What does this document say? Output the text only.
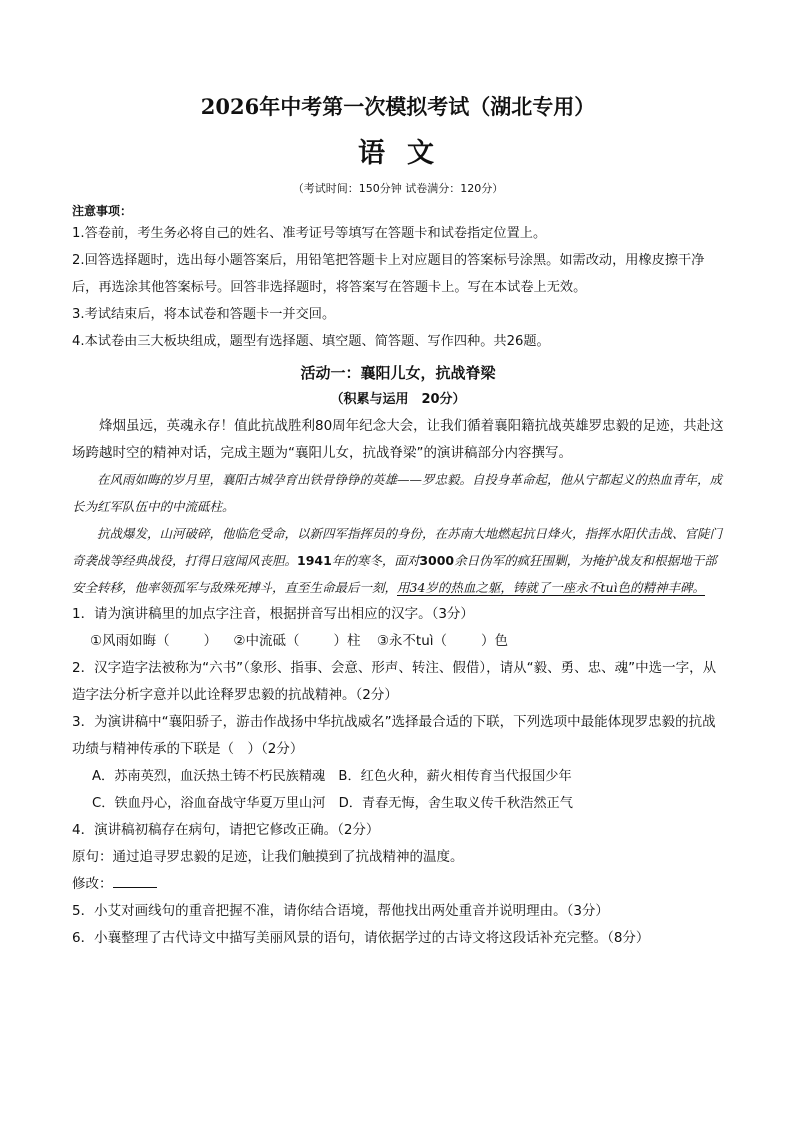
2026年中考第一次模拟考试（湖北专用）
语 文
（考试时间：150分钟 试卷满分：120分）
注意事项：
1.答卷前，考生务必将自己的姓名、准考证号等填写在答题卡和试卷指定位置上。
2.回答选择题时，选出每小题答案后，用铅笔把答题卡上对应题目的答案标号涂黑。如需改动，用橡皮擦干净后，再选涂其他答案标号。回答非选择题时，将答案写在答题卡上。写在本试卷上无效。
3.考试结束后，将本试卷和答题卡一并交回。
4.本试卷由三大板块组成，题型有选择题、填空题、简答题、写作四种。共26题。
活动一：襄阳儿女，抗战脊梁
（积累与运用　20分）

烽烟虽远，英魂永存！值此抗战胜利80周年纪念大会，让我们循着襄阳籍抗战英雄罗忠毅的足迹，共赴这场跨越时空的精神对话，完成主题为“襄阳儿女，抗战脊梁”的演讲稿部分内容撰写。

在风雨如晦的岁月里，襄阳古城孕育出铁骨铮铮的英雄——罗忠毅。自投身革命起，他从宁都起义的热血青年，成长为红军队伍中的中流砥柱。

抗战爆发，山河破碎，他临危受命，以新四军指挥员的身份，在苏南大地燃起抗日烽火，指挥水阳伏击战、官陡门奇袭战等经典战役，打得日寇闻风丧胆。1941年的寒冬，面对3000余日伪军的疯狂围剿，为掩护战友和根据地干部安全转移，他率领孤军与敌殊死搏斗，直至生命最后一刻，用34岁的热血之躯，铸就了一座永不tuì色的精神丰碑。

1．请为演讲稿里的加点字注音，根据拼音写出相应的汉字。（3分）

①风雨如晦（	） ②中流砥（	）柱 ③永不tuì（	）色

2．汉字造字法被称为“六书”（象形、指事、会意、形声、转注、假借），请从“毅、勇、忠、魂”中选一字，从造字法分析字意并以此诠释罗忠毅的抗战精神。（2分）

3．为演讲稿中“襄阳骄子，游击作战扬中华抗战威名”选择最合适的下联，下列选项中最能体现罗忠毅的抗战功绩与精神传承的下联是（　）（2分）

A．苏南英烈，血沃热土铸不朽民族精魂　 B．红色火种，薪火相传育当代报国少年
C．铁血丹心，浴血奋战守华夏万里山河　 D．青春无悔，舍生取义传千秋浩然正气

4．演讲稿初稿存在病句，请把它修改正确。（2分）

原句：通过追寻罗忠毅的足迹，让我们触摸到了抗战精神的温度。

修改：

5．小艾对画线句的重音把握不准，请你结合语境，帮他找出两处重音并说明理由。（3分）

6．小襄整理了古代诗文中描写美丽风景的语句，请依据学过的古诗文将这段话补充完整。（8分）
